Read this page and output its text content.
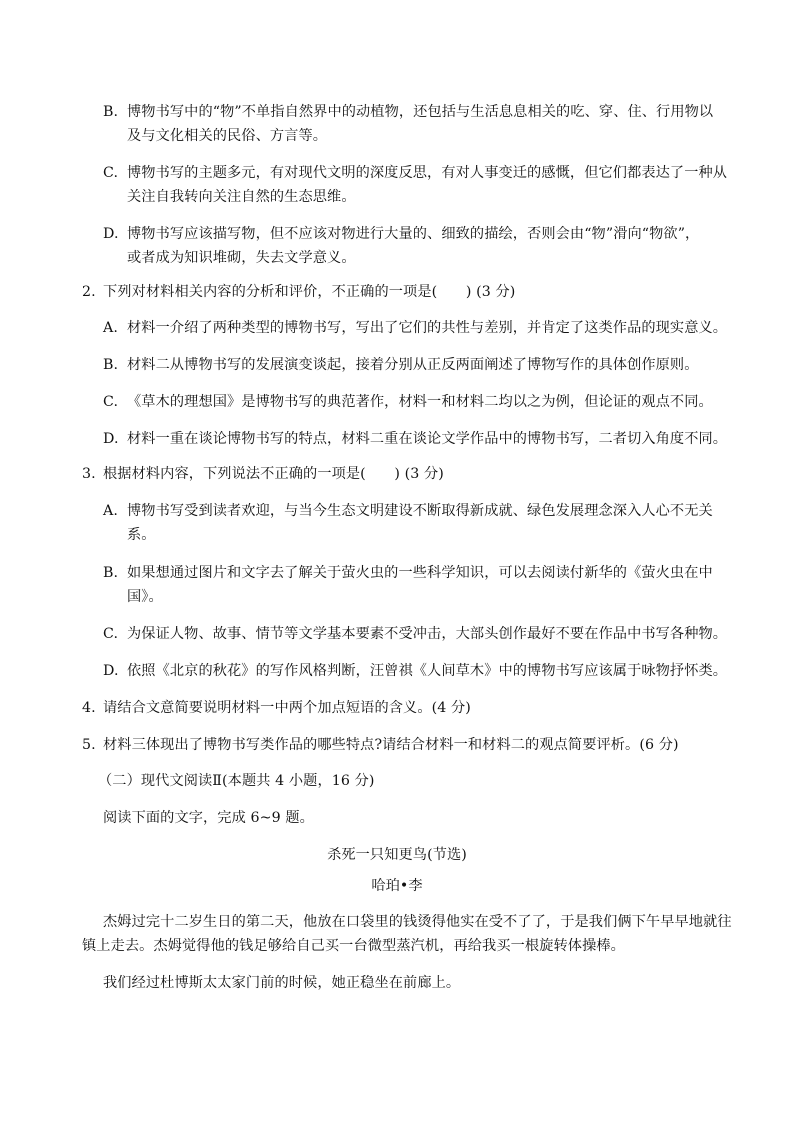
B. 博物书写中的“物”不单指自然界中的动植物，还包括与生活息息相关的吃、穿、住、行用物以
及与文化相关的民俗、方言等。
C. 博物书写的主题多元，有对现代文明的深度反思，有对人事变迁的感慨，但它们都表达了一种从
关注自我转向关注自然的生态思维。
D. 博物书写应该描写物，但不应该对物进行大量的、细致的描绘，否则会由“物”滑向“物欲”，
或者成为知识堆砌，失去文学意义。
2. 下列对材料相关内容的分析和评价，不正确的一项是(　　) (3 分)
A. 材料一介绍了两种类型的博物书写，写出了它们的共性与差别，并肯定了这类作品的现实意义。
B. 材料二从博物书写的发展演变谈起，接着分别从正反两面阐述了博物写作的具体创作原则。
C. 《草木的理想国》是博物书写的典范著作，材料一和材料二均以之为例，但论证的观点不同。
D. 材料一重在谈论博物书写的特点，材料二重在谈论文学作品中的博物书写，二者切入角度不同。
3. 根据材料内容，下列说法不正确的一项是(　　) (3 分)
A. 博物书写受到读者欢迎，与当今生态文明建设不断取得新成就、绿色发展理念深入人心不无关
系。
B. 如果想通过图片和文字去了解关于萤火虫的一些科学知识，可以去阅读付新华的《萤火虫在中
国》。
C. 为保证人物、故事、情节等文学基本要素不受冲击，大部头创作最好不要在作品中书写各种物。
D. 依照《北京的秋花》的写作风格判断，汪曾祺《人间草木》中的博物书写应该属于咏物抒怀类。
4. 请结合文意简要说明材料一中两个加点短语的含义。(4 分)
5. 材料三体现出了博物书写类作品的哪些特点?请结合材料一和材料二的观点简要评析。(6 分)
（二）现代文阅读Ⅱ(本题共 4 小题，16 分)
阅读下面的文字，完成 6~9 题。
杀死一只知更鸟(节选)
哈珀•李
杰姆过完十二岁生日的第二天，他放在口袋里的钱烫得他实在受不了了，于是我们俩下午早早地就往
镇上走去。杰姆觉得他的钱足够给自己买一台微型蒸汽机，再给我买一根旋转体操棒。
我们经过杜博斯太太家门前的时候，她正稳坐在前廊上。
